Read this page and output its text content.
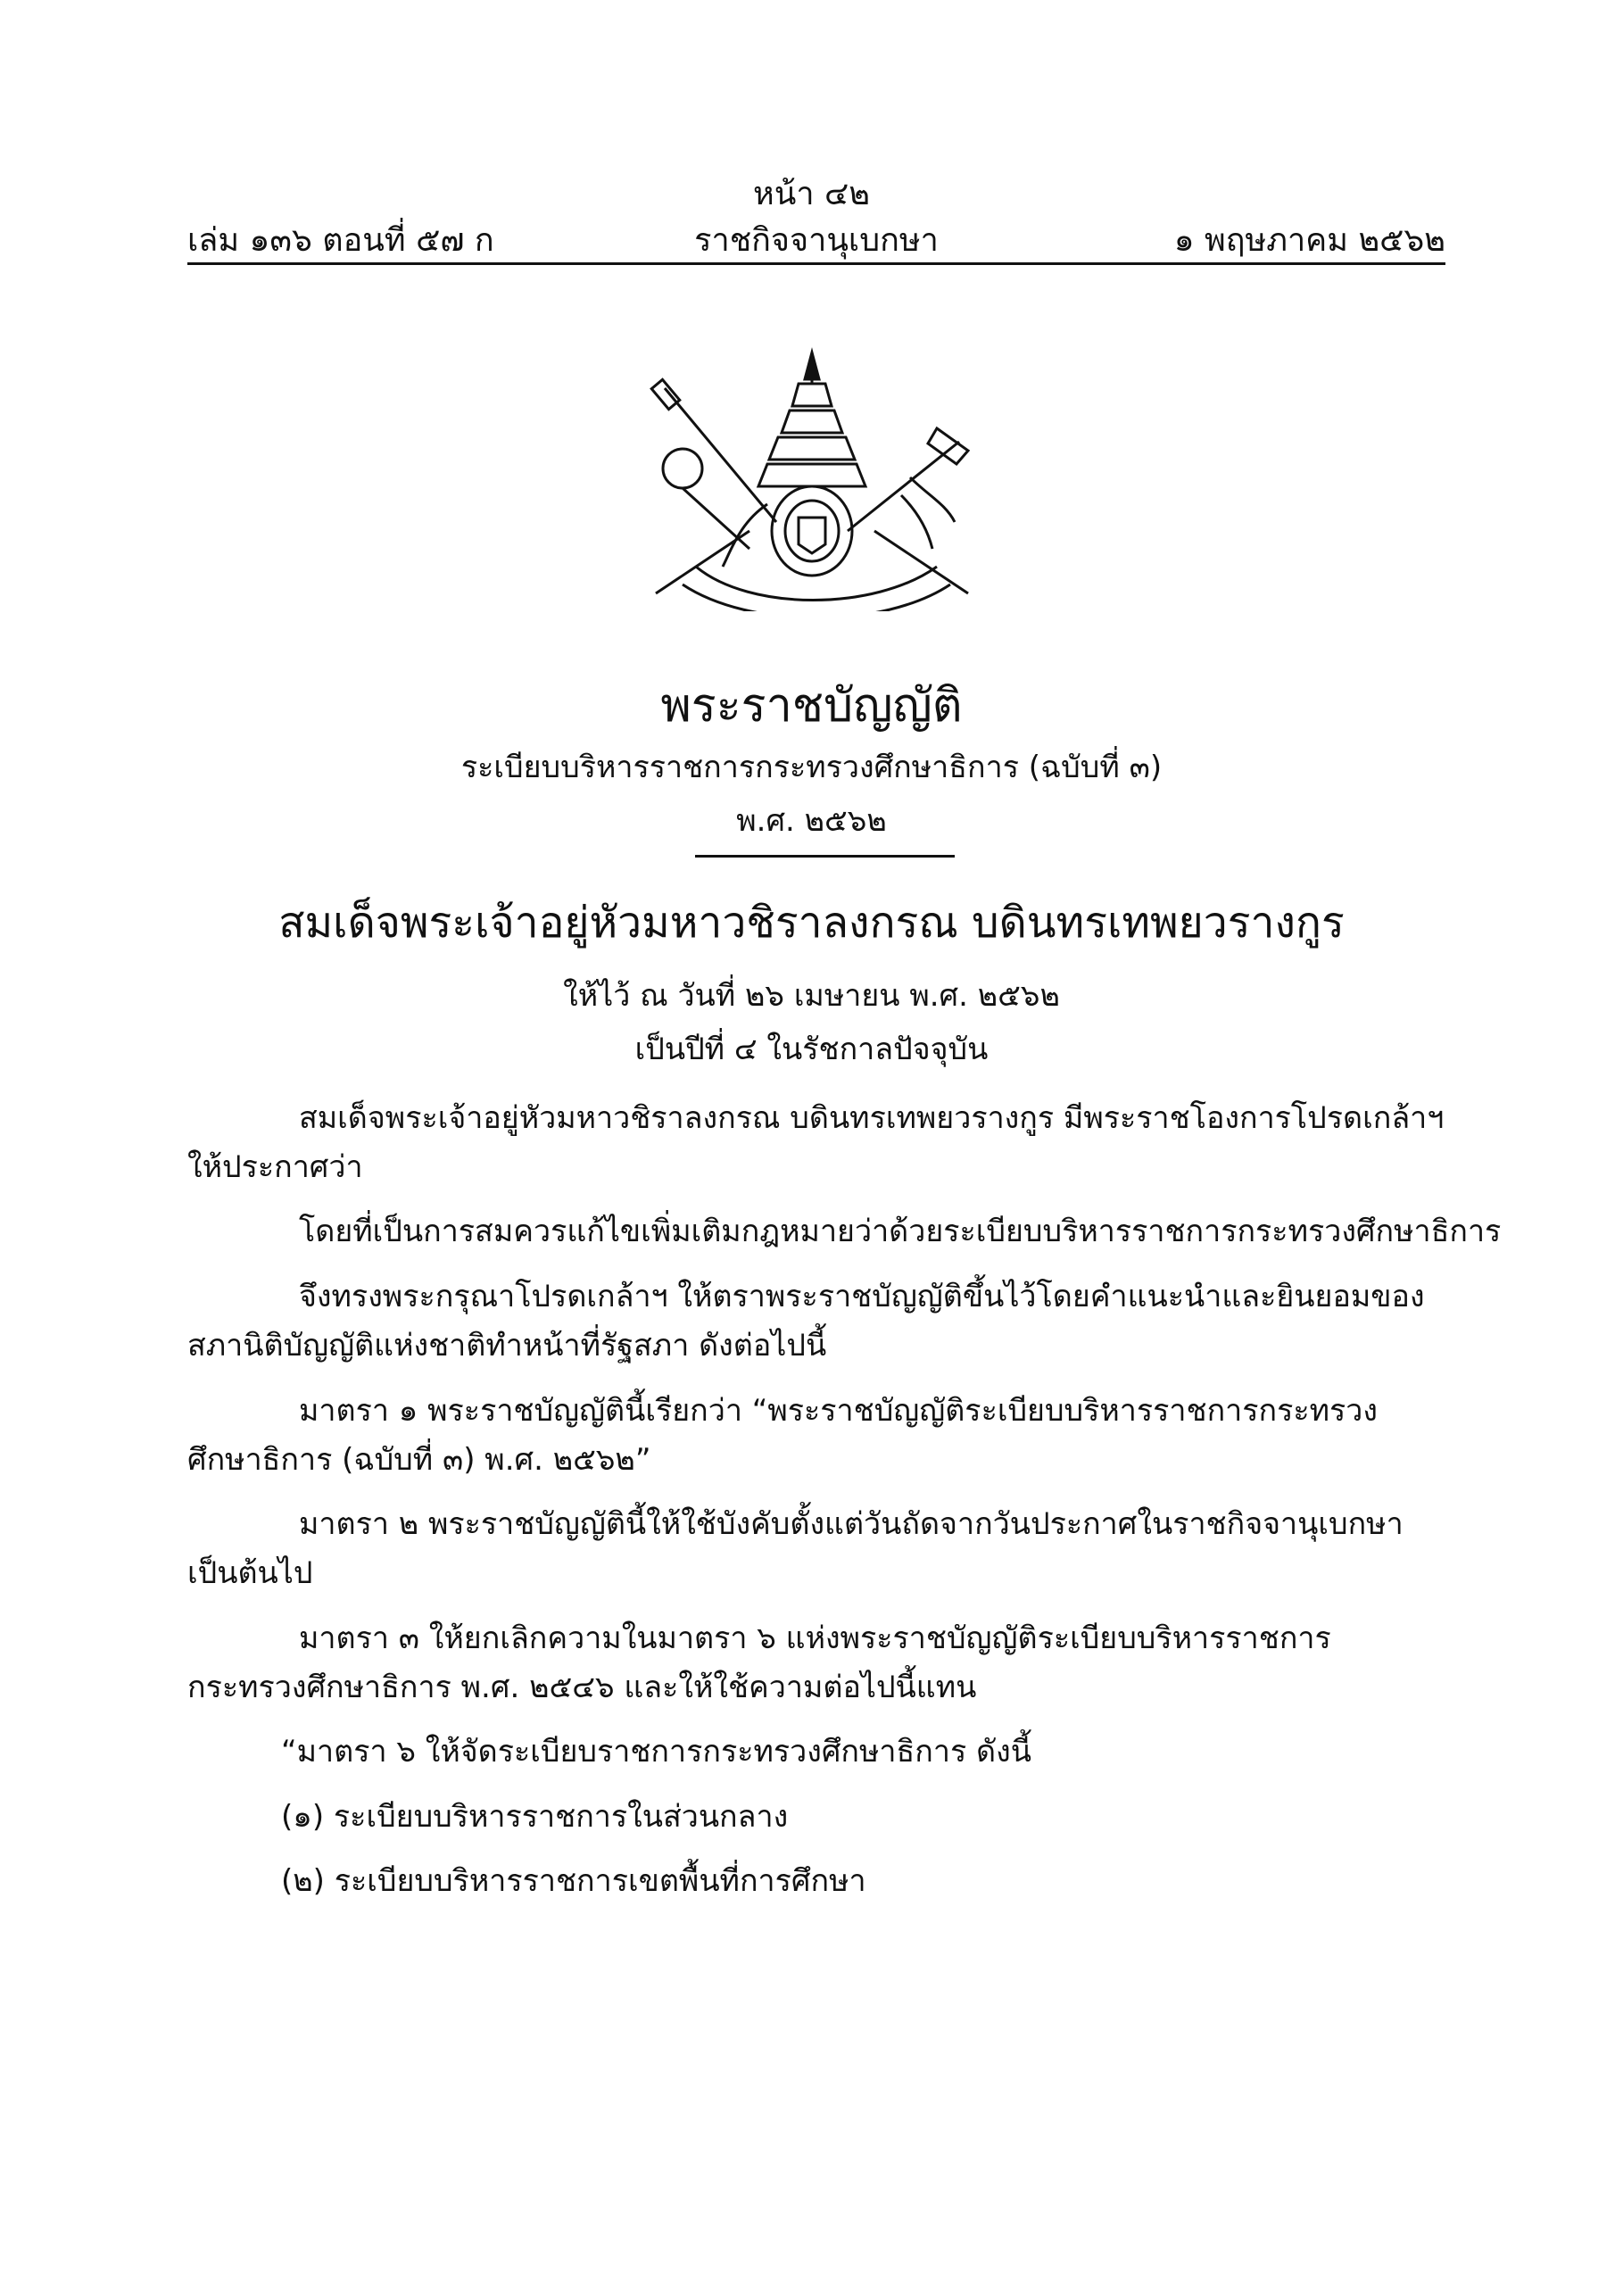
หน้า ๔๒
เล่ม ๑๓๖ ตอนที่ ๕๗ ก	ราชกิจจานุเบกษา	๑ พฤษภาคม ๒๕๖๒
พระราชบัญญัติ
ระเบียบบริหารราชการกระทรวงศึกษาธิการ (ฉบับที่ ๓)
พ.ศ. ๒๕๖๒
สมเด็จพระเจ้าอยู่หัวมหาวชิราลงกรณ บดินทรเทพยวรางกูร
ให้ไว้ ณ วันที่ ๒๖ เมษายน พ.ศ. ๒๕๖๒
เป็นปีที่ ๔ ในรัชกาลปัจจุบัน
สมเด็จพระเจ้าอยู่หัวมหาวชิราลงกรณ บดินทรเทพยวรางกูร มีพระราชโองการโปรดเกล้าฯ
ให้ประกาศว่า
โดยที่เป็นการสมควรแก้ไขเพิ่มเติมกฎหมายว่าด้วยระเบียบบริหารราชการกระทรวงศึกษาธิการ
จึงทรงพระกรุณาโปรดเกล้าฯ ให้ตราพระราชบัญญัติขึ้นไว้โดยคำแนะนำและยินยอมของ
สภานิติบัญญัติแห่งชาติทำหน้าที่รัฐสภา ดังต่อไปนี้
มาตรา ๑ พระราชบัญญัตินี้เรียกว่า “พระราชบัญญัติระเบียบบริหารราชการกระทรวง
ศึกษาธิการ (ฉบับที่ ๓) พ.ศ. ๒๕๖๒”
มาตรา ๒ พระราชบัญญัตินี้ให้ใช้บังคับตั้งแต่วันถัดจากวันประกาศในราชกิจจานุเบกษา
เป็นต้นไป
มาตรา ๓ ให้ยกเลิกความในมาตรา ๖ แห่งพระราชบัญญัติระเบียบบริหารราชการ
กระทรวงศึกษาธิการ พ.ศ. ๒๕๔๖ และให้ใช้ความต่อไปนี้แทน
“มาตรา ๖ ให้จัดระเบียบราชการกระทรวงศึกษาธิการ ดังนี้
(๑) ระเบียบบริหารราชการในส่วนกลาง
(๒) ระเบียบบริหารราชการเขตพื้นที่การศึกษา
